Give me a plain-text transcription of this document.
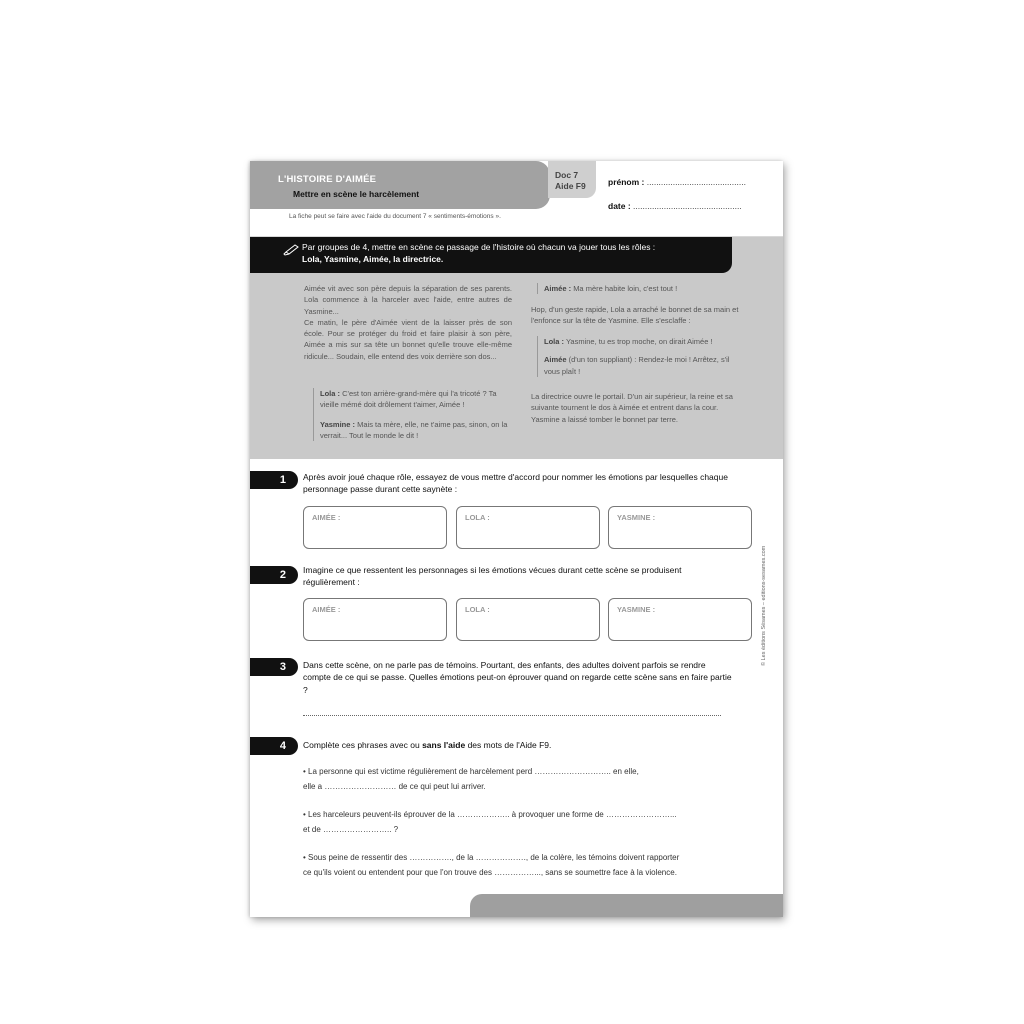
L'HISTOIRE D'AIMÉE
Mettre en scène le harcèlement
Doc 7
Aide F9	prénom : ..........................................
date : ..............................................
La fiche peut se faire avec l'aide du document 7 « sentiments-émotions ».
Par groupes de 4, mettre en scène ce passage de l'histoire où chacun va jouer tous les rôles :
Lola, Yasmine, Aimée, la directrice.

Aimée vit avec son père depuis la séparation de ses parents. Lola commence à la harceler avec l'aide, entre autres de Yasmine...

Ce matin, le père d'Aimée vient de la laisser près de son école. Pour se protéger du froid et faire plaisir à son père, Aimée a mis sur sa tête un bonnet qu'elle trouve elle-même ridicule... Soudain, elle entend des voix derrière son dos...

Lola : C'est ton arrière-grand-mère qui l'a tricoté ? Ta vieille mémé doit drôlement t'aimer, Aimée !

Yasmine : Mais ta mère, elle, ne t'aime pas, sinon, on la verrait... Tout le monde le dit !

Aimée : Ma mère habite loin, c'est tout !

Hop, d'un geste rapide, Lola a arraché le bonnet de sa main et l'enfonce sur la tête de Yasmine. Elle s'esclaffe :

Lola : Yasmine, tu es trop moche, on dirait Aimée !

Aimée (d'un ton suppliant) : Rendez-le moi ! Arrêtez, s'il vous plaît !

La directrice ouvre le portail. D'un air supérieur, la reine et sa suivante tournent le dos à Aimée et entrent dans la cour. Yasmine a laissé tomber le bonnet par terre.

1	Après avoir joué chaque rôle, essayez de vous mettre d'accord pour nommer les émotions par lesquelles chaque personnage passe durant cette saynète :
AIMÉE :	LOLA :	YASMINE :
2	Imagine ce que ressentent les personnages si les émotions vécues durant cette scène se produisent régulièrement :
AIMÉE :	LOLA :	YASMINE :
3	Dans cette scène, on ne parle pas de témoins. Pourtant, des enfants, des adultes doivent parfois se rendre compte de ce qui se passe. Quelles émotions peut-on éprouver quand on regarde cette scène sans en faire partie ?
4	Complète ces phrases avec ou sans l'aide des mots de l'Aide F9.
• La personne qui est victime régulièrement de harcèlement perd ……………………….. en elle,
elle a ……………………… de ce qui peut lui arriver.
• Les harceleurs peuvent-ils éprouver de la ……………….. à provoquer une forme de ……………………...
et de …………………….. ?
• Sous peine de ressentir des ……………., de la ………………., de la colère, les témoins doivent rapporter
ce qu'ils voient ou entendent pour que l'on trouve des ……………..., sans se soumettre face à la violence.
© Les éditions Sésames – editions-sesames.com
FICHE 9
